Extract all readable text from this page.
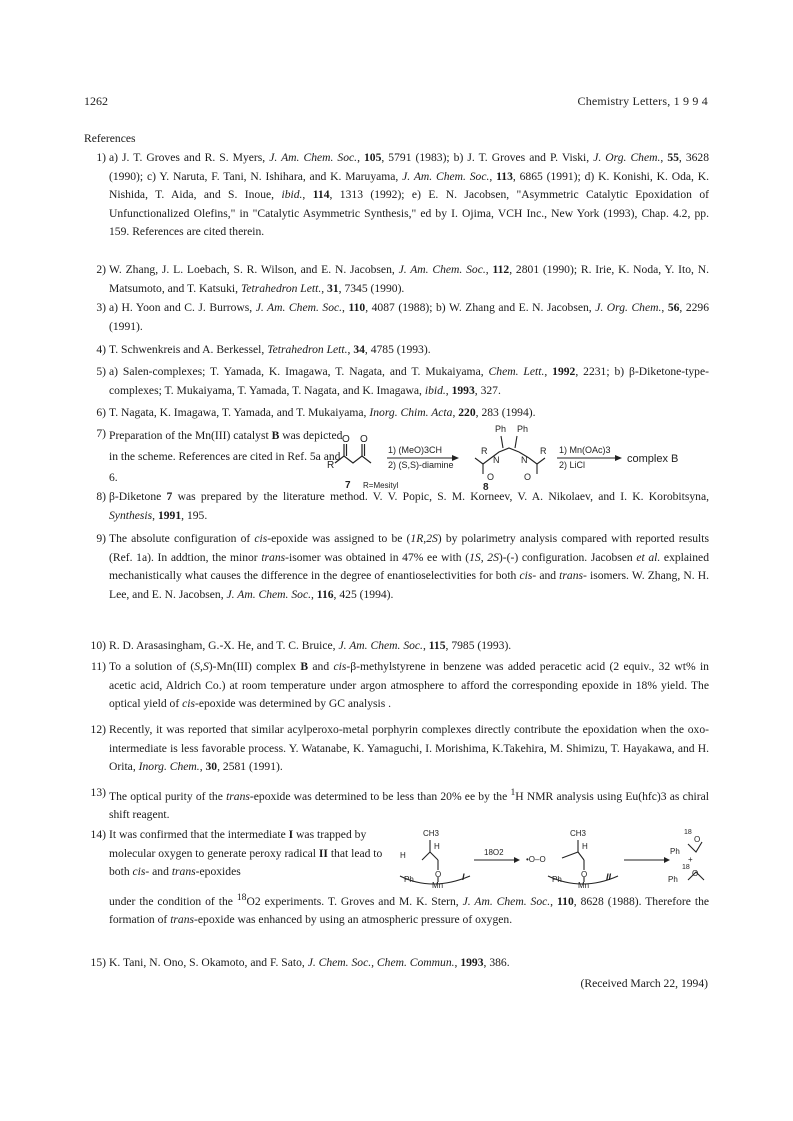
1262	Chemistry Letters, 1 9 9 4
References
1) a) J. T. Groves and R. S. Myers, J. Am. Chem. Soc., 105, 5791 (1983); b) J. T. Groves and P. Viski, J. Org. Chem., 55, 3628 (1990); c) Y. Naruta, F. Tani, N. Ishihara, and K. Maruyama, J. Am. Chem. Soc., 113, 6865 (1991); d) K. Konishi, K. Oda, K. Nishida, T. Aida, and S. Inoue, ibid., 114, 1313 (1992); e) E. N. Jacobsen, "Asymmetric Catalytic Epoxidation of Unfunctionalized Olefins," in "Catalytic Asymmetric Synthesis," ed by I. Ojima, VCH Inc., New York (1993), Chap. 4.2, pp. 159. References are cited therein.
2) W. Zhang, J. L. Loebach, S. R. Wilson, and E. N. Jacobsen, J. Am. Chem. Soc., 112, 2801 (1990); R. Irie, K. Noda, Y. Ito, N. Matsumoto, and T. Katsuki, Tetrahedron Lett., 31, 7345 (1990).
3) a) H. Yoon and C. J. Burrows, J. Am. Chem. Soc., 110, 4087 (1988); b) W. Zhang and E. N. Jacobsen, J. Org. Chem., 56, 2296 (1991).
4) T. Schwenkreis and A. Berkessel, Tetrahedron Lett., 34, 4785 (1993).
5) a) Salen-complexes; T. Yamada, K. Imagawa, T. Nagata, and T. Mukaiyama, Chem. Lett., 1992, 2231; b) β-Diketone-type-complexes; T. Mukaiyama, T. Yamada, T. Nagata, and K. Imagawa, ibid., 1993, 327.
6) T. Nagata, K. Imagawa, T. Yamada, and T. Mukaiyama, Inorg. Chim. Acta, 220, 283 (1994).
7) Preparation of the Mn(III) catalyst B was depicted in the scheme. References are cited in Ref. 5a and 6.
O O
R
1) (MeO)3CH
2) (S,S)-diamine
R
O
N N
O
R
Ph Ph
1) Mn(OAc)3
2) LiCl	complex B
7 R=Mesityl	8
8) β-Diketone 7 was prepared by the literature method. V. V. Popic, S. M. Korneev, V. A. Nikolaev, and I. K. Korobitsyna, Synthesis, 1991, 195.
9) The absolute configuration of cis-epoxide was assigned to be (1R,2S) by polarimetry analysis compared with reported results (Ref. 1a). In addtion, the minor trans-isomer was obtained in 47% ee with (1S, 2S)-(-) configuration. Jacobsen et al. explained mechanistically what causes the difference in the degree of enantioselectivities for both cis- and trans- isomers. W. Zhang, N. H. Lee, and E. N. Jacobsen, J. Am. Chem. Soc., 116, 425 (1994).
10) R. D. Arasasingham, G.-X. He, and T. C. Bruice, J. Am. Chem. Soc., 115, 7985 (1993).
11) To a solution of (S,S)-Mn(III) complex B and cis-β-methylstyrene in benzene was added peracetic acid (2 equiv., 32 wt% in acetic acid, Aldrich Co.) at room temperature under argon atmosphere to afford the corresponding epoxide in 18% yield. The optical yield of cis-epoxide was determined by GC analysis .
12) Recently, it was reported that similar acylperoxo-metal porphyrin complexes directly contribute the epoxidation when the oxo-intermediate is less favorable process. Y. Watanabe, K. Yamaguchi, I. Morishima, K.Takehira, M. Shimizu, T. Hayakawa, and H. Orita, Inorg. Chem., 30, 2581 (1991).
13) The optical purity of the trans-epoxide was determined to be less than 20% ee by the $^1$H NMR analysis using Eu(hfc)3 as chiral shift reagent.
14) It was confirmed that the intermediate I was trapped by molecular oxygen to generate peroxy radical II that lead to both cis- and trans-epoxides
CH3
H
H
O
Ph
Mn
I
18O2
•O–O
CH3
H
O
Ph
Mn
II
18
O
Ph
+
18
O
Ph
under the condition of the $^{18}$O2 experiments. T. Groves and M. K. Stern, J. Am. Chem. Soc., 110, 8628 (1988). Therefore the formation of trans-epoxide was enhanced by using an atmospheric pressure of oxygen.
15) K. Tani, N. Ono, S. Okamoto, and F. Sato, J. Chem. Soc., Chem. Commun., 1993, 386.
(Received March 22, 1994)
